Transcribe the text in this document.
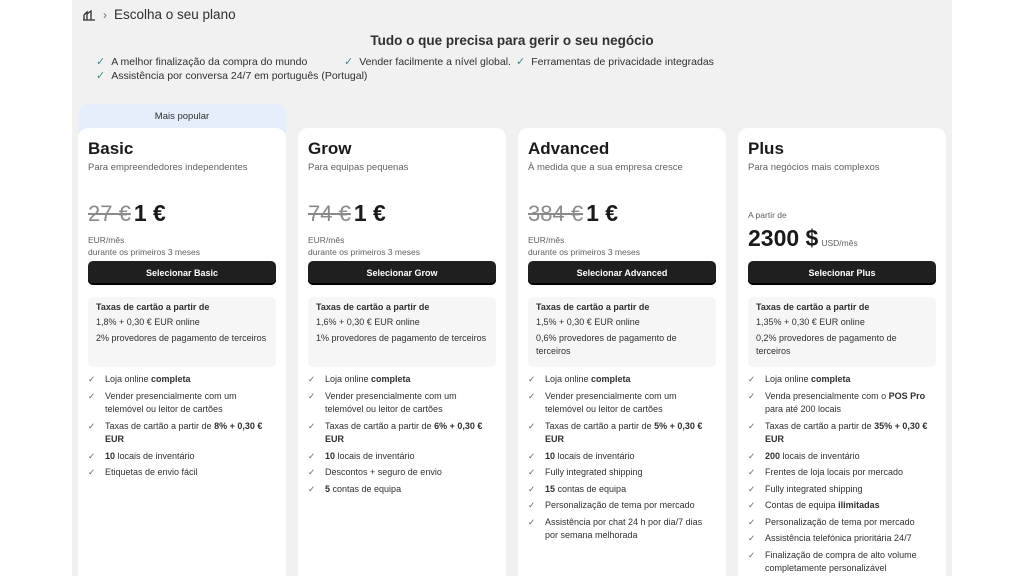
› Escolha o seu plano
Tudo o que precisa para gerir o seu negócio
✓ A melhor finalização da compra do mundo	✓ Vender facilmente a nível global. ✓ Ferramentas de privacidade integradas
✓ Assistência por conversa 24/7 em português (Portugal)
Mais popular
Basic
Para empreendedores independentes
27 € 1 €
EUR/mês
durante os primeiros 3 meses
Selecionar Basic
Taxas de cartão a partir de
1,8% + 0,30 € EUR online
2% provedores de pagamento de terceiros
✓ Loja online completa
✓ Vender presencialmente com um telemóvel ou leitor de cartões
✓ Taxas de cartão a partir de 8% + 0,30 € EUR
✓ 10 locais de inventário
✓ Etiquetas de envio fácil
Grow
Para equipas pequenas
74 € 1 €
EUR/mês
durante os primeiros 3 meses
Selecionar Grow
Taxas de cartão a partir de
1,6% + 0,30 € EUR online
1% provedores de pagamento de terceiros
✓ Loja online completa
✓ Vender presencialmente com um telemóvel ou leitor de cartões
✓ Taxas de cartão a partir de 6% + 0,30 € EUR
✓ 10 locais de inventário
✓ Descontos + seguro de envio
✓ 5 contas de equipa
Advanced
À medida que a sua empresa cresce
384 € 1 €
EUR/mês
durante os primeiros 3 meses
Selecionar Advanced
Taxas de cartão a partir de
1,5% + 0,30 € EUR online
0,6% provedores de pagamento de terceiros
✓ Loja online completa
✓ Vender presencialmente com um telemóvel ou leitor de cartões
✓ Taxas de cartão a partir de 5% + 0,30 € EUR
✓ 10 locais de inventário
✓ Fully integrated shipping
✓ 15 contas de equipa
✓ Personalização de tema por mercado
✓ Assistência por chat 24 h por dia/7 dias por semana melhorada
Plus
Para negócios mais complexos
A partir de
2300 $ USD/mês
Selecionar Plus
Taxas de cartão a partir de
1,35% + 0,30 € EUR online
0,2% provedores de pagamento de terceiros
✓ Loja online completa
✓ Venda presencialmente com o POS Pro para até 200 locais
✓ Taxas de cartão a partir de 35% + 0,30 € EUR
✓ 200 locais de inventário
✓ Frentes de loja locais por mercado
✓ Fully integrated shipping
✓ Contas de equipa ilimitadas
✓ Personalização de tema por mercado
✓ Assistência telefónica prioritária 24/7
✓ Finalização de compra de alto volume completamente personalizável
